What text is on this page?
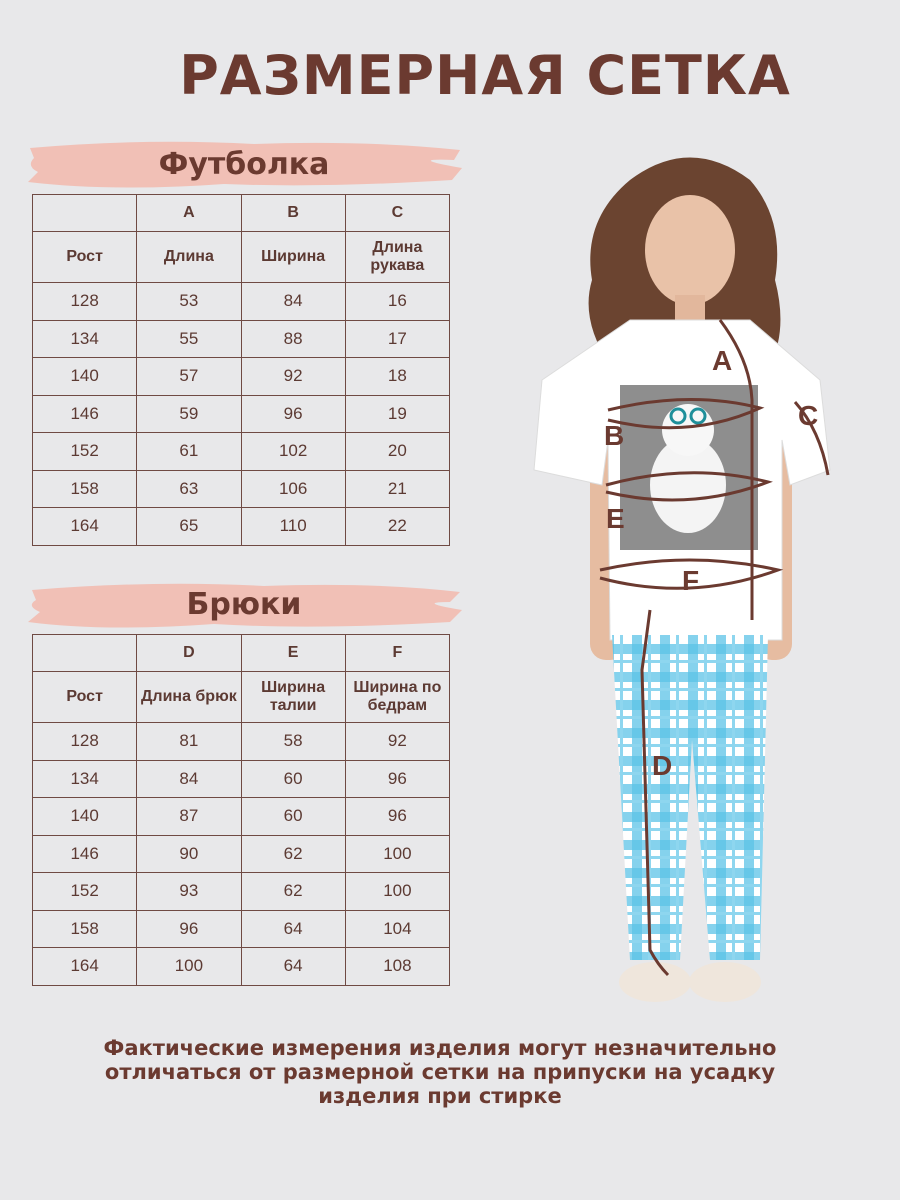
РАЗМЕРНАЯ СЕТКА
Футболка
	A	B	C
Рост	Длина	Ширина	Длина рукава
128	53	84	16
134	55	88	17
140	57	92	18
146	59	96	19
152	61	102	20
158	63	106	21
164	65	110	22
Брюки
	D	E	F
Рост	Длина брюк	Ширина талии	Ширина по бедрам
128	81	58	92
134	84	60	96
140	87	60	96
146	90	62	100
152	93	62	100
158	96	64	104
164	100	64	108
A
B
C
E
F
D
Фактические измерения изделия могут незначительно отличаться от размерной сетки на припуски на усадку изделия при стирке
